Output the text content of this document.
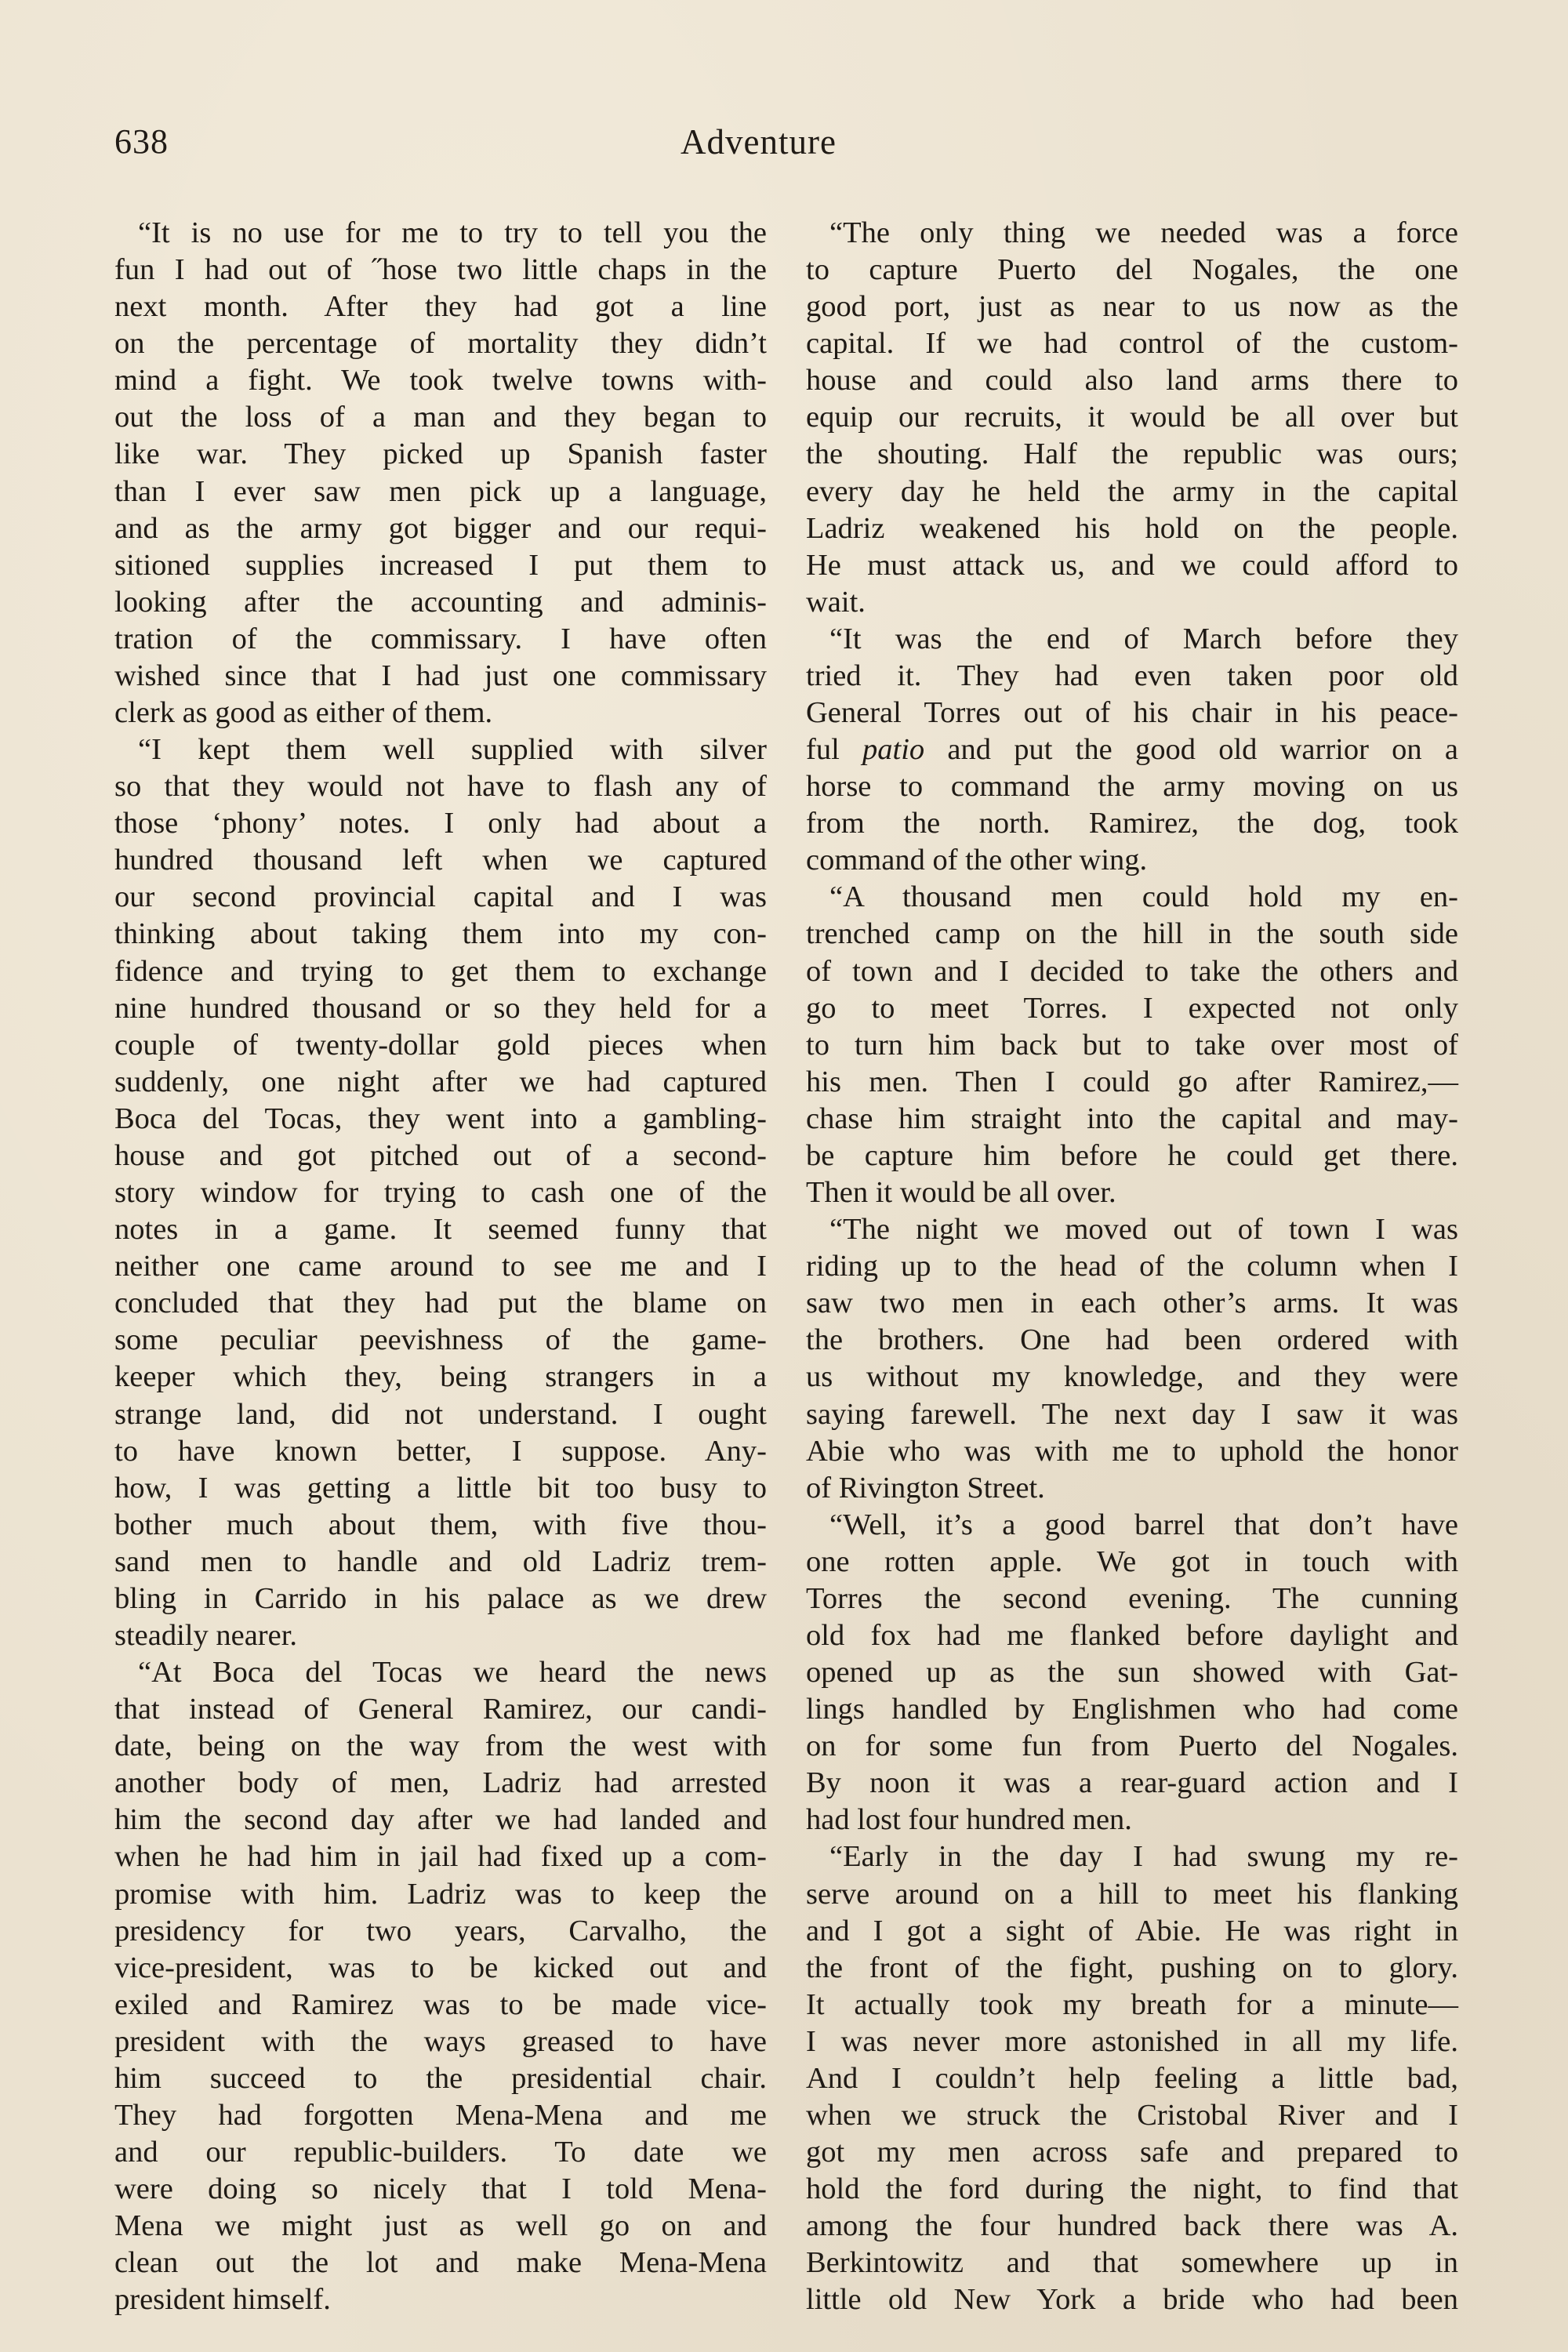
638	Adventure
“It is no use for me to try to tell you the
fun I had out of ˝hose two little chaps in the
next month. After they had got a line
on the percentage of mortality they didn’t
mind a fight. We took twelve towns with-
out the loss of a man and they began to
like war. They picked up Spanish faster
than I ever saw men pick up a language,
and as the army got bigger and our requi-
sitioned supplies increased I put them to
looking after the accounting and adminis-
tration of the commissary. I have often
wished since that I had just one commissary
clerk as good as either of them.
“I kept them well supplied with silver
so that they would not have to flash any of
those ‘phony’ notes. I only had about a
hundred thousand left when we captured
our second provincial capital and I was
thinking about taking them into my con-
fidence and trying to get them to exchange
nine hundred thousand or so they held for a
couple of twenty-dollar gold pieces when
suddenly, one night after we had captured
Boca del Tocas, they went into a gambling-
house and got pitched out of a second-
story window for trying to cash one of the
notes in a game. It seemed funny that
neither one came around to see me and I
concluded that they had put the blame on
some peculiar peevishness of the game-
keeper which they, being strangers in a
strange land, did not understand. I ought
to have known better, I suppose. Any-
how, I was getting a little bit too busy to
bother much about them, with five thou-
sand men to handle and old Ladriz trem-
bling in Carrido in his palace as we drew
steadily nearer.
“At Boca del Tocas we heard the news
that instead of General Ramirez, our candi-
date, being on the way from the west with
another body of men, Ladriz had arrested
him the second day after we had landed and
when he had him in jail had fixed up a com-
promise with him. Ladriz was to keep the
presidency for two years, Carvalho, the
vice-president, was to be kicked out and
exiled and Ramirez was to be made vice-
president with the ways greased to have
him succeed to the presidential chair.
They had forgotten Mena-Mena and me
and our republic-builders. To date we
were doing so nicely that I told Mena-
Mena we might just as well go on and
clean out the lot and make Mena-Mena
president himself.
“The only thing we needed was a force
to capture Puerto del Nogales, the one
good port, just as near to us now as the
capital. If we had control of the custom-
house and could also land arms there to
equip our recruits, it would be all over but
the shouting. Half the republic was ours;
every day he held the army in the capital
Ladriz weakened his hold on the people.
He must attack us, and we could afford to
wait.
“It was the end of March before they
tried it. They had even taken poor old
General Torres out of his chair in his peace-
ful patio and put the good old warrior on a
horse to command the army moving on us
from the north. Ramirez, the dog, took
command of the other wing.
“A thousand men could hold my en-
trenched camp on the hill in the south side
of town and I decided to take the others and
go to meet Torres. I expected not only
to turn him back but to take over most of
his men. Then I could go after Ramirez,—
chase him straight into the capital and may-
be capture him before he could get there.
Then it would be all over.
“The night we moved out of town I was
riding up to the head of the column when I
saw two men in each other’s arms. It was
the brothers. One had been ordered with
us without my knowledge, and they were
saying farewell. The next day I saw it was
Abie who was with me to uphold the honor
of Rivington Street.
“Well, it’s a good barrel that don’t have
one rotten apple. We got in touch with
Torres the second evening. The cunning
old fox had me flanked before daylight and
opened up as the sun showed with Gat-
lings handled by Englishmen who had come
on for some fun from Puerto del Nogales.
By noon it was a rear-guard action and I
had lost four hundred men.
“Early in the day I had swung my re-
serve around on a hill to meet his flanking
and I got a sight of Abie. He was right in
the front of the fight, pushing on to glory.
It actually took my breath for a minute—
I was never more astonished in all my life.
And I couldn’t help feeling a little bad,
when we struck the Cristobal River and I
got my men across safe and prepared to
hold the ford during the night, to find that
among the four hundred back there was A.
Berkintowitz and that somewhere up in
little old New York a bride who had been
